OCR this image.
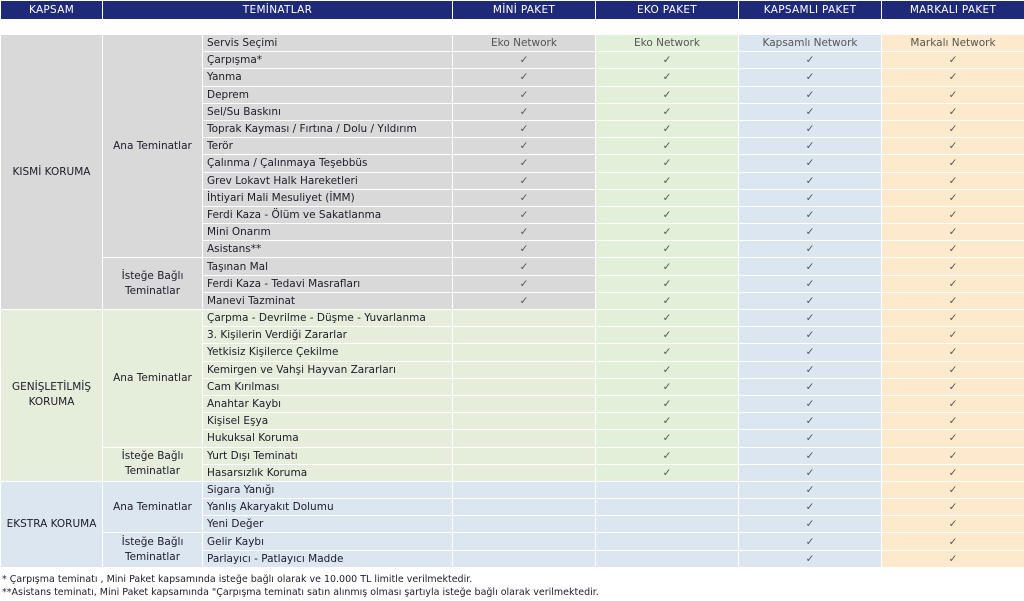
KAPSAM	TEMİNATLAR	MİNİ PAKET	EKO PAKET	KAPSAMLI PAKET	MARKALI PAKET
KISMİ KORUMA	Ana Teminatlar	Servis Seçimi	Eko Network	Eko Network	Kapsamlı Network	Markalı Network
		Çarpışma*	✓	✓	✓	✓
		Yanma	✓	✓	✓	✓
		Deprem	✓	✓	✓	✓
		Sel/Su Baskını	✓	✓	✓	✓
		Toprak Kayması / Fırtına / Dolu / Yıldırım	✓	✓	✓	✓
		Terör	✓	✓	✓	✓
		Çalınma / Çalınmaya Teşebbüs	✓	✓	✓	✓
		Grev Lokavt Halk Hareketleri	✓	✓	✓	✓
		İhtiyari Mali Mesuliyet (İMM)	✓	✓	✓	✓
		Ferdi Kaza - Ölüm ve Sakatlanma	✓	✓	✓	✓
		Mini Onarım	✓	✓	✓	✓
		Asistans**	✓	✓	✓	✓
	İsteğe Bağlı Teminatlar	Taşınan Mal	✓	✓	✓	✓
		Ferdi Kaza - Tedavi Masrafları	✓	✓	✓	✓
		Manevi Tazminat	✓	✓	✓	✓
GENİŞLETİLMİŞ KORUMA	Ana Teminatlar	Çarpma - Devrilme - Düşme - Yuvarlanma		✓	✓	✓
		3. Kişilerin Verdiği Zararlar		✓	✓	✓
		Yetkisiz Kişilerce Çekilme		✓	✓	✓
		Kemirgen ve Vahşi Hayvan Zararları		✓	✓	✓
		Cam Kırılması		✓	✓	✓
		Anahtar Kaybı		✓	✓	✓
		Kişisel Eşya		✓	✓	✓
		Hukuksal Koruma		✓	✓	✓
	İsteğe Bağlı Teminatlar	Yurt Dışı Teminatı		✓	✓	✓
		Hasarsızlık Koruma		✓	✓	✓
EKSTRA KORUMA	Ana Teminatlar	Sigara Yanığı			✓	✓
		Yanlış Akaryakıt Dolumu			✓	✓
		Yeni Değer			✓	✓
	İsteğe Bağlı Teminatlar	Gelir Kaybı			✓	✓
		Parlayıcı - Patlayıcı Madde			✓	✓
* Çarpışma teminatı , Mini Paket kapsamında isteğe bağlı olarak ve 10.000 TL limitle verilmektedir.
**Asistans teminatı, Mini Paket kapsamında "Çarpışma teminatı satın alınmış olması şartıyla isteğe bağlı olarak verilmektedir.
